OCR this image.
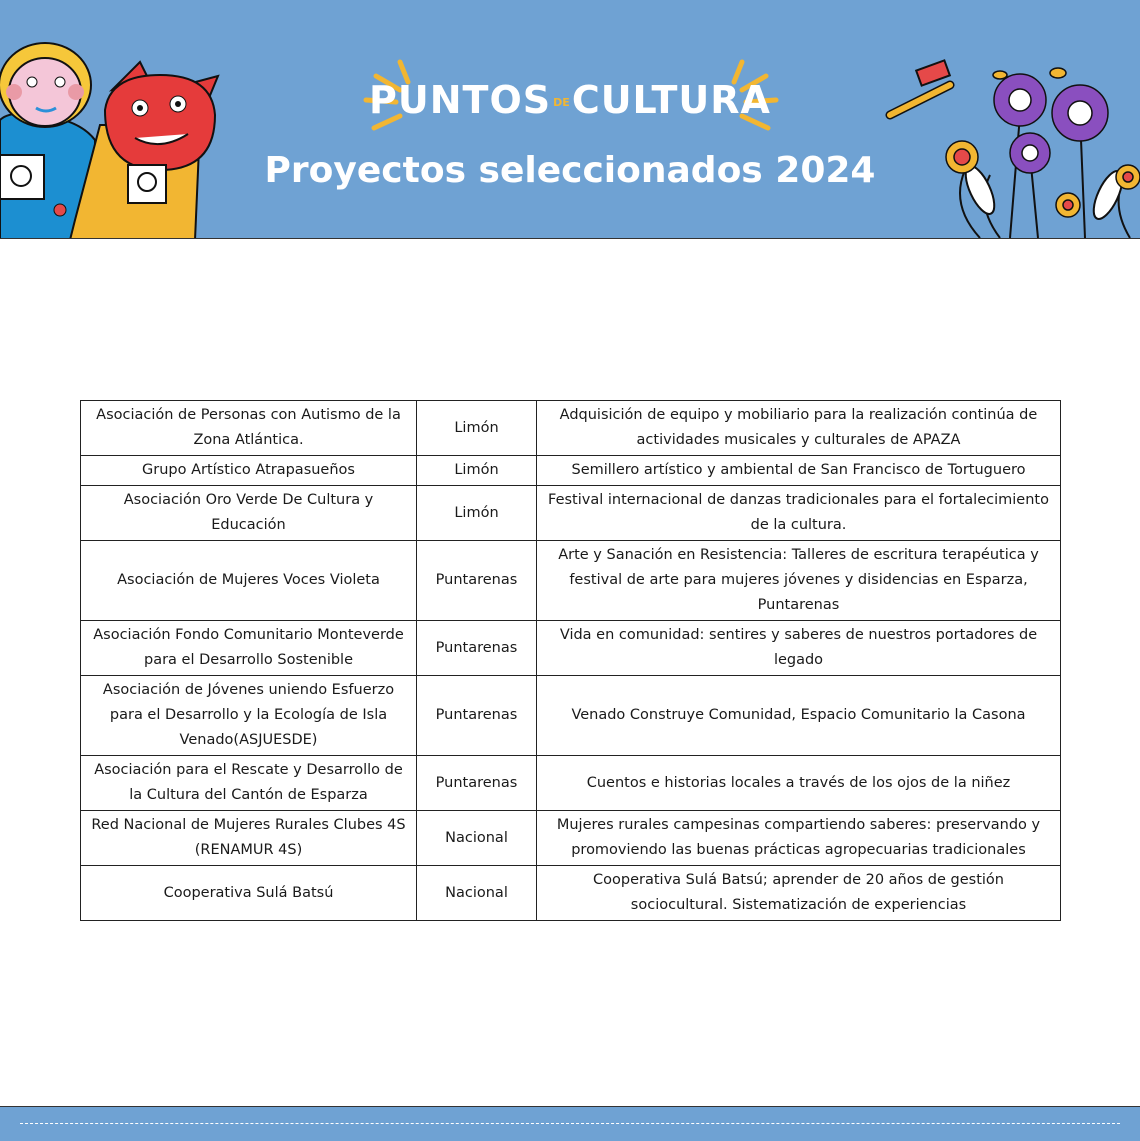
PUNTOS DECULTURA
Proyectos seleccionados 2024
Asociación de Personas con Autismo de la Zona Atlántica.	Limón	Adquisición de equipo y mobiliario para la realización continúa de actividades musicales y culturales de APAZA
Grupo Artístico Atrapasueños	Limón	Semillero artístico y ambiental de San Francisco de Tortuguero
Asociación Oro Verde De Cultura y Educación	Limón	Festival internacional de danzas tradicionales para el fortalecimiento de la cultura.
Asociación de Mujeres Voces Violeta	Puntarenas	Arte y Sanación en Resistencia: Talleres de escritura terapéutica y festival de arte para mujeres jóvenes y disidencias en Esparza, Puntarenas
Asociación Fondo Comunitario Monteverde para el Desarrollo Sostenible	Puntarenas	Vida en comunidad: sentires y saberes de nuestros portadores de legado
Asociación de Jóvenes uniendo Esfuerzo para el Desarrollo y la Ecología de Isla Venado(ASJUESDE)	Puntarenas	Venado Construye Comunidad, Espacio Comunitario la Casona
Asociación para el Rescate y Desarrollo de la Cultura del Cantón de Esparza	Puntarenas	Cuentos e historias locales a través de los ojos de la niñez
Red Nacional de Mujeres Rurales Clubes 4S (RENAMUR 4S)	Nacional	Mujeres rurales campesinas compartiendo saberes: preservando y promoviendo las buenas prácticas agropecuarias tradicionales
Cooperativa Sulá Batsú	Nacional	Cooperativa Sulá Batsú; aprender de 20 años de gestión sociocultural. Sistematización de experiencias
